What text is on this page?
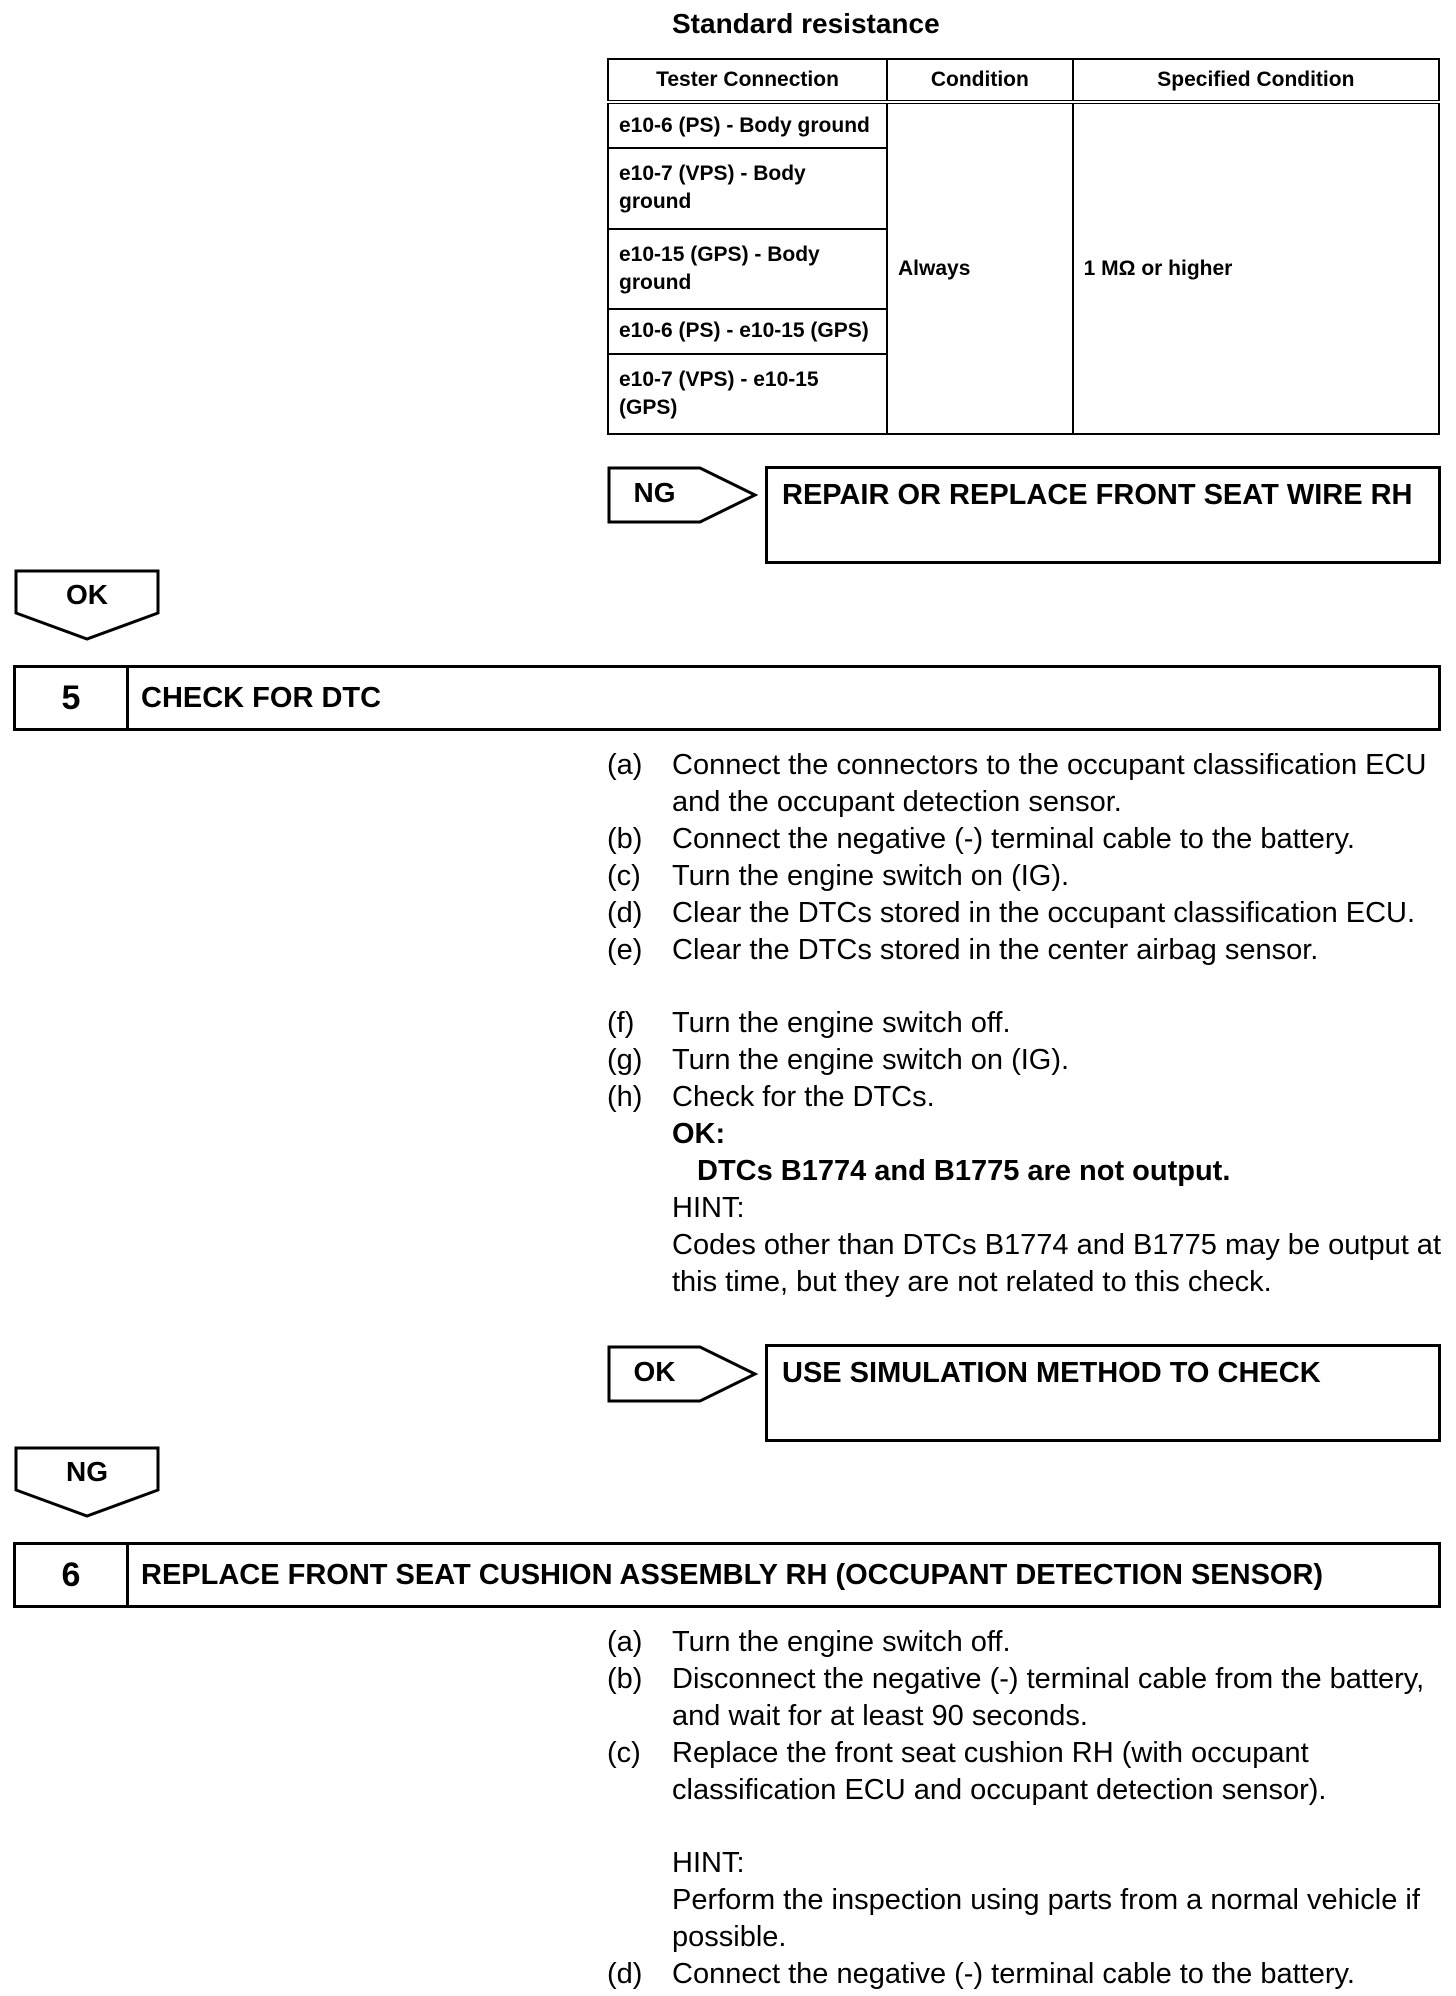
Standard resistance
Tester Connection	Condition	Specified Condition
e10-6 (PS) - Body ground	Always	1 MΩ or higher
e10-7 (VPS) - Body ground		
e10-15 (GPS) - Body ground		
e10-6 (PS) - e10-15 (GPS)		
e10-7 (VPS) - e10-15 (GPS)		
NG	REPAIR OR REPLACE FRONT SEAT WIRE RH
OK
5	CHECK FOR DTC
(a)	Connect the connectors to the occupant classification ECU and the occupant detection sensor.
(b)	Connect the negative (-) terminal cable to the battery.
(c)	Turn the engine switch on (IG).
(d)	Clear the DTCs stored in the occupant classification ECU.
(e)	Clear the DTCs stored in the center airbag sensor.
(f)	Turn the engine switch off.
(g)	Turn the engine switch on (IG).
(h)	Check for the DTCs.
OK:
DTCs B1774 and B1775 are not output.
HINT:
Codes other than DTCs B1774 and B1775 may be output at this time, but they are not related to this check.
OK	USE SIMULATION METHOD TO CHECK
NG
6	REPLACE FRONT SEAT CUSHION ASSEMBLY RH (OCCUPANT DETECTION SENSOR)
(a)	Turn the engine switch off.
(b)	Disconnect the negative (-) terminal cable from the battery, and wait for at least 90 seconds.
(c)	Replace the front seat cushion RH (with occupant classification ECU and occupant detection sensor).
HINT:
Perform the inspection using parts from a normal vehicle if possible.
(d)	Connect the negative (-) terminal cable to the battery.
